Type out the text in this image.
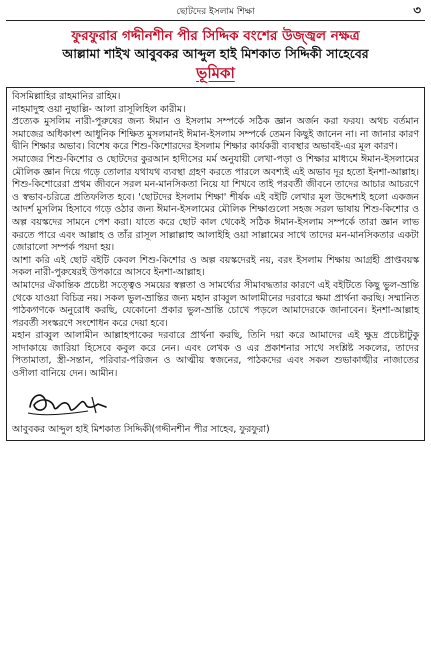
ছোটদের ইসলাম শিক্ষা	৩
ফুরফুরার গদ্দীনশীন পীর সিদ্দিক বংশের উজ্জ্বল নক্ষত্র
আল্লামা শাইখ আবুবকর আব্দুল হাই মিশকাত সিদ্দিকী সাহেবের
ভূমিকা

বিসমিল্লাহির রাহমানির রাহিম।

নাহমাদুহু ওয়া নুছাল্লি- আলা রাসূলিহিল কারীম।

প্রত্যেক মুসলিম নারী-পুরুষের জন্য ঈমান ও ইসলাম সম্পর্কে সঠিক জ্ঞান অর্জন করা ফরয। অথচ বর্তমান সমাজের অধিকাংশ আধুনিক শিক্ষিত মুসলমানই ঈমান-ইসলাম সম্পর্কে তেমন কিছুই জানেন না। না জানার কারণ দ্বীনি শিক্ষার অভাব। বিশেষ করে শিশু-কিশোরদের ইসলাম শিক্ষার কার্যকরী ব্যবস্থার অভাবই-এর মূল কারণ।

সমাজের শিশু-কিশোর ও ছোটদের কুরআন হাদীসের মর্ম অনুযায়ী লেখা-পড়া ও শিক্ষার মাধ্যমে ঈমান-ইসলামের মৌলিক জ্ঞান দিয়ে গড়ে তোলার যথাযথ ব্যবস্থা গ্রহণ করতে পারলে অবশ্যই এই অভাব দূর হতো ইনশা-আল্লাহ। শিশু-কিশোরেরা প্রথম জীবনে সরল মন-মানসিকতা নিয়ে যা শিখবে তাই পরবর্তী জীবনে তাদের আচার আচরণে ও স্বভাব-চরিত্রে প্রতিফলিত হবে। 'ছোটদের ইসলাম শিক্ষা' শীর্ষক এই বইটি লেখার মূল উদ্দেশ্যই হলো একজন আদর্শ মুসলিম হিসাবে গড়ে ওঠার জন্য ঈমান-ইসলামের মৌলিক শিক্ষাগুলো সহজ সরল ভাষায় শিশু-কিশোর ও অল্প বয়স্কদের সামনে পেশ করা। যাতে করে ছোট কাল থেকেই সঠিক ঈমান-ইসলাম সম্পর্কে তারা জ্ঞান লাভ করতে পারে এবং আল্লাহ ও তাঁর রাসূল সাল্লাল্লাহু আলাইহি ওয়া সাল্লামের সাথে তাদের মন-মানসিকতার একটা জোরালো সম্পর্ক পয়দা হয়।

আশা করি এই ছোট বইটি কেবল শিশু-কিশোর ও অল্প বয়স্কদেরই নয়, বরং ইসলাম শিক্ষায় আগ্রহী প্রাপ্তবয়স্ক সকল নারী-পুরুষেরই উপকারে আসবে ইনশা-আল্লাহ।

আমাদের ঐকান্তিক প্রচেষ্টা সত্ত্বেও সময়ের স্বল্পতা ও সামর্থ্যের সীমাবদ্ধতার কারণে এই বইটিতে কিছু ভুল-ভ্রান্তি থেকে যাওয়া বিচিত্র নয়। সকল ভুল-ভ্রান্তির জন্য মহান রাব্বুল আলামীনের দরবারে ক্ষমা প্রার্থনা করছি। সম্মানিত পাঠকগণকে অনুরোধ করছি, যেকোনো প্রকার ভুল-ভ্রান্তি চোখে পড়লে আমাদেরকে জানাবেন। ইনশা-আল্লাহ পরবর্তী সংস্করণে সংশোধন করে দেয়া হবে।

মহান রাব্বুল আলামীন আল্লাহপাকের দরবারে প্রার্থনা করছি, তিনি দয়া করে আমাদের এই ক্ষুদ্র প্রচেষ্টাটুকু সাদাকায়ে জারিয়া হিসেবে কবুল করে নেন। এবং লেখক ও এর প্রকাশনার সাথে সংশ্লিষ্ট সকলের, তাদের পিতামাতা, স্ত্রী-সন্তান, পরিবার-পরিজন ও আত্মীয় স্বজনের, পাঠকদের এবং সকল শুভাকাঙ্খীর নাজাতের ওসীলা বানিয়ে দেন। আমীন।

আবুবকর আব্দুল হাই মিশকাত সিদ্দিকী(গদ্দীনশীন পীর সাহেব, ফুরফুরা)
